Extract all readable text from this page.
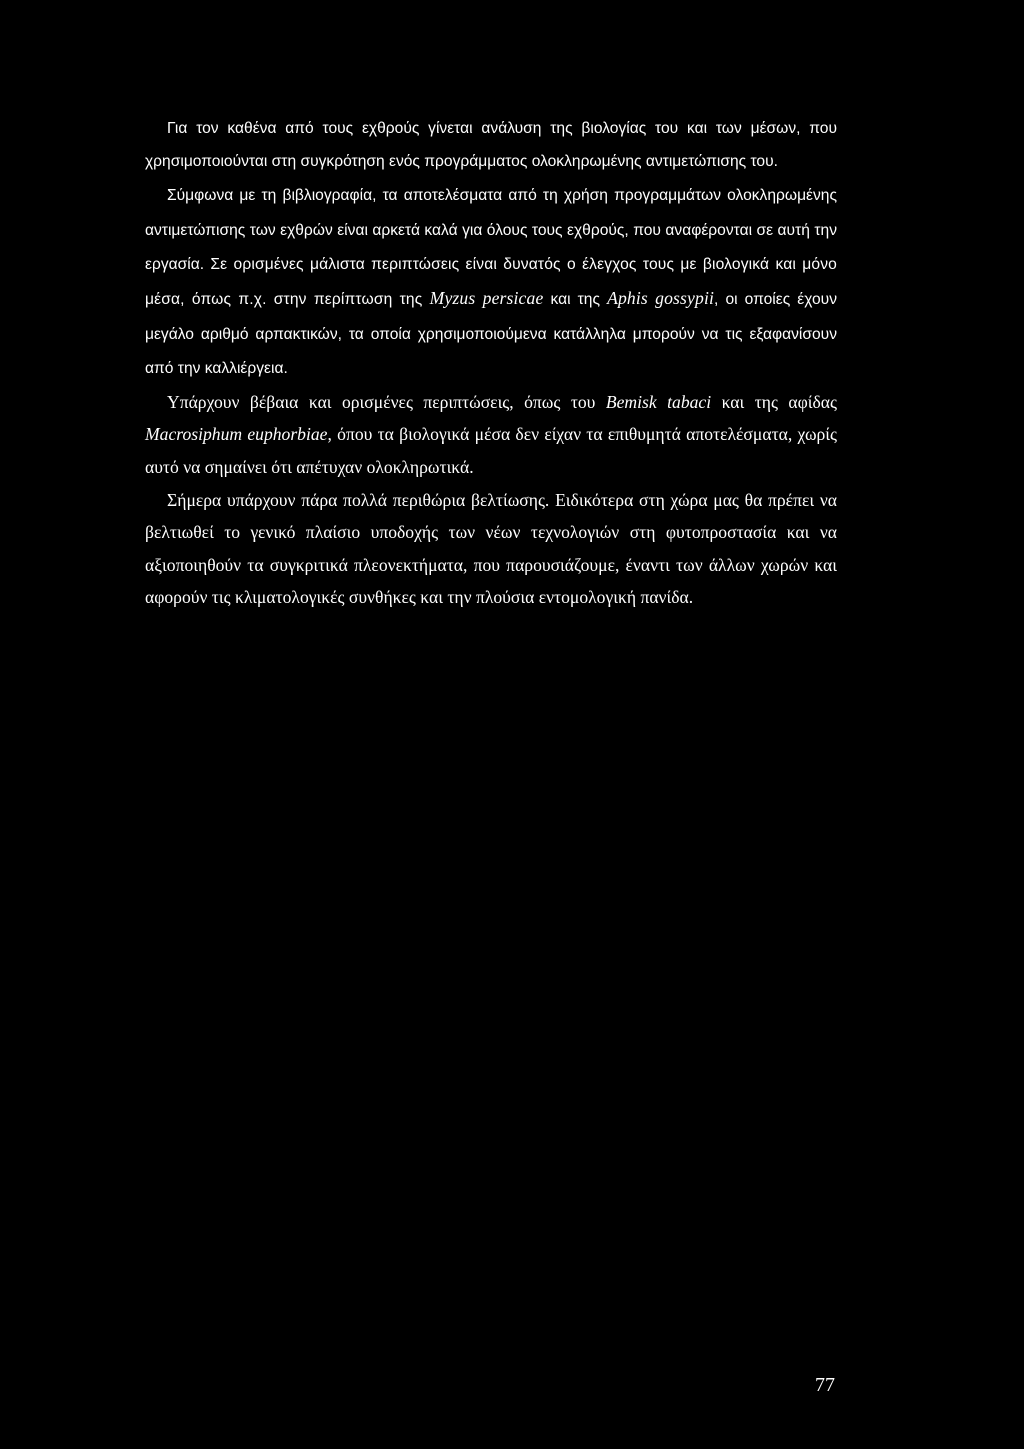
Για τον καθένα από τους εχθρούς γίνεται ανάλυση της βιολογίας του και των μέσων, που χρησιμοποιούνται στη συγκρότηση ενός προγράμματος ολοκληρωμένης αντιμετώπισης του.

Σύμφωνα με τη βιβλιογραφία, τα αποτελέσματα από τη χρήση προγραμμάτων ολοκληρωμένης αντιμετώπισης των εχθρών είναι αρκετά καλά για όλους τους εχθρούς, που αναφέρονται σε αυτή την εργασία. Σε ορισμένες μάλιστα περιπτώσεις είναι δυνατός ο έλεγχος τους με βιολογικά και μόνο μέσα, όπως π.χ. στην περίπτωση της Myzus persicae και της Aphis gossypii, οι οποίες έχουν μεγάλο αριθμό αρπακτικών, τα οποία χρησιμοποιούμενα κατάλληλα μπορούν να τις εξαφανίσουν από την καλλιέργεια.

Υπάρχουν βέβαια και ορισμένες περιπτώσεις, όπως του Bemisk tabaci και της αφίδας Macrosiphum euphorbiae, όπου τα βιολογικά μέσα δεν είχαν τα επιθυμητά αποτελέσματα, χωρίς αυτό να σημαίνει ότι απέτυχαν ολοκληρωτικά.

Σήμερα υπάρχουν πάρα πολλά περιθώρια βελτίωσης. Ειδικότερα στη χώρα μας θα πρέπει να βελτιωθεί το γενικό πλαίσιο υποδοχής των νέων τεχνολογιών στη φυτοπροστασία και να αξιοποιηθούν τα συγκριτικά πλεονεκτήματα, που παρουσιάζουμε, έναντι των άλλων χωρών και αφορούν τις κλιματολογικές συνθήκες και την πλούσια εντομολογική πανίδα.

77
